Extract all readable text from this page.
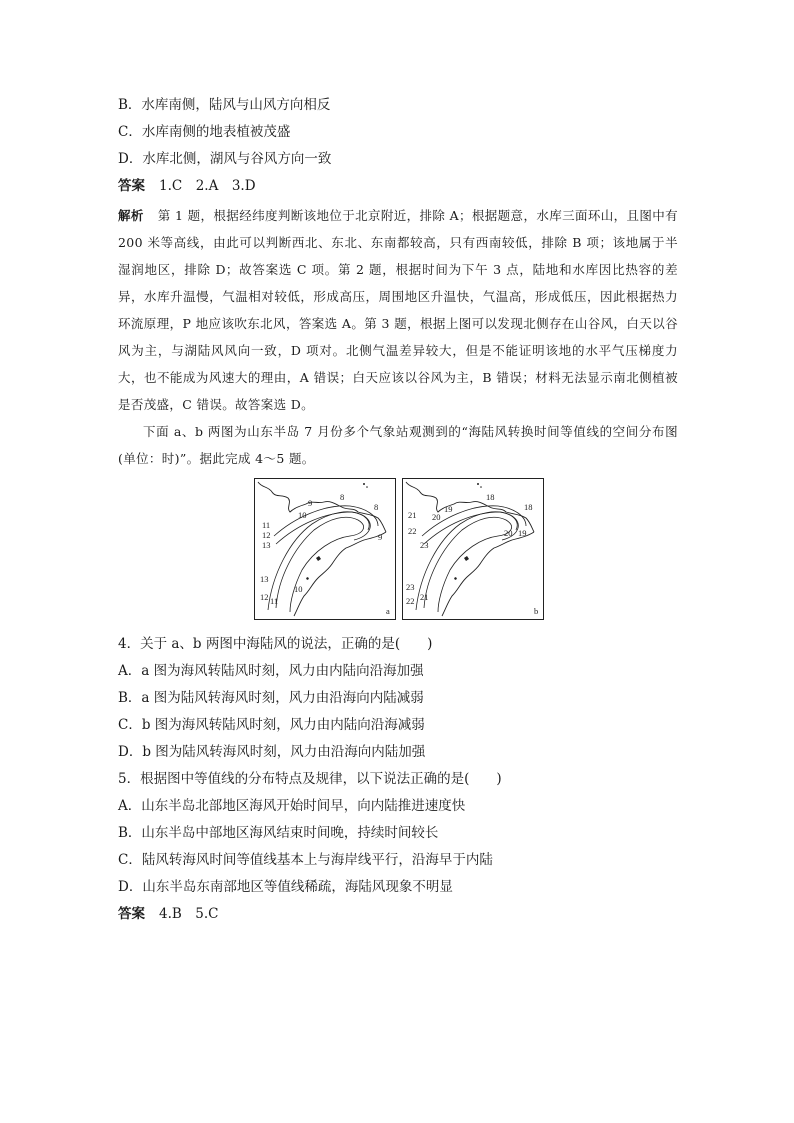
B．水库南侧，陆风与山风方向相反
C．水库南侧的地表植被茂盛
D．水库北侧，湖风与谷风方向一致
答案 1.C　2.A　3.D
解析 第 1 题，根据经纬度判断该地位于北京附近，排除 A；根据题意，水库三面环山，且图中有 200 米等高线，由此可以判断西北、东北、东南都较高，只有西南较低，排除 B 项；该地属于半湿润地区，排除 D；故答案选 C 项。第 2 题，根据时间为下午 3 点，陆地和水库因比热容的差异，水库升温慢，气温相对较低，形成高压，周围地区升温快，气温高，形成低压，因此根据热力环流原理，P 地应该吹东北风，答案选 A。第 3 题，根据上图可以发现北侧存在山谷风，白天以谷风为主，与湖陆风风向一致，D 项对。北侧气温差异较大，但是不能证明该地的水平气压梯度力大，也不能成为风速大的理由，A 错误；白天应该以谷风为主，B 错误；材料无法显示南北侧植被是否茂盛，C 错误。故答案选 D。
下面 a、b 两图为山东半岛 7 月份多个气象站观测到的“海陆风转换时间等值线的空间分布图(单位：时)”。据此完成 4～5 题。
9
8
8
9
10
11
12
13
13
12 11
10
a
18
18
19
20
20 19
21
22
23
23
22 21
b
4．关于 a、b 两图中海陆风的说法，正确的是(　　)
A．a 图为海风转陆风时刻，风力由内陆向沿海加强
B．a 图为陆风转海风时刻，风力由沿海向内陆减弱
C．b 图为海风转陆风时刻，风力由内陆向沿海减弱
D．b 图为陆风转海风时刻，风力由沿海向内陆加强
5．根据图中等值线的分布特点及规律，以下说法正确的是(　　)
A．山东半岛北部地区海风开始时间早，向内陆推进速度快
B．山东半岛中部地区海风结束时间晚，持续时间较长
C．陆风转海风时间等值线基本上与海岸线平行，沿海早于内陆
D．山东半岛东南部地区等值线稀疏，海陆风现象不明显
答案 4.B　5.C
